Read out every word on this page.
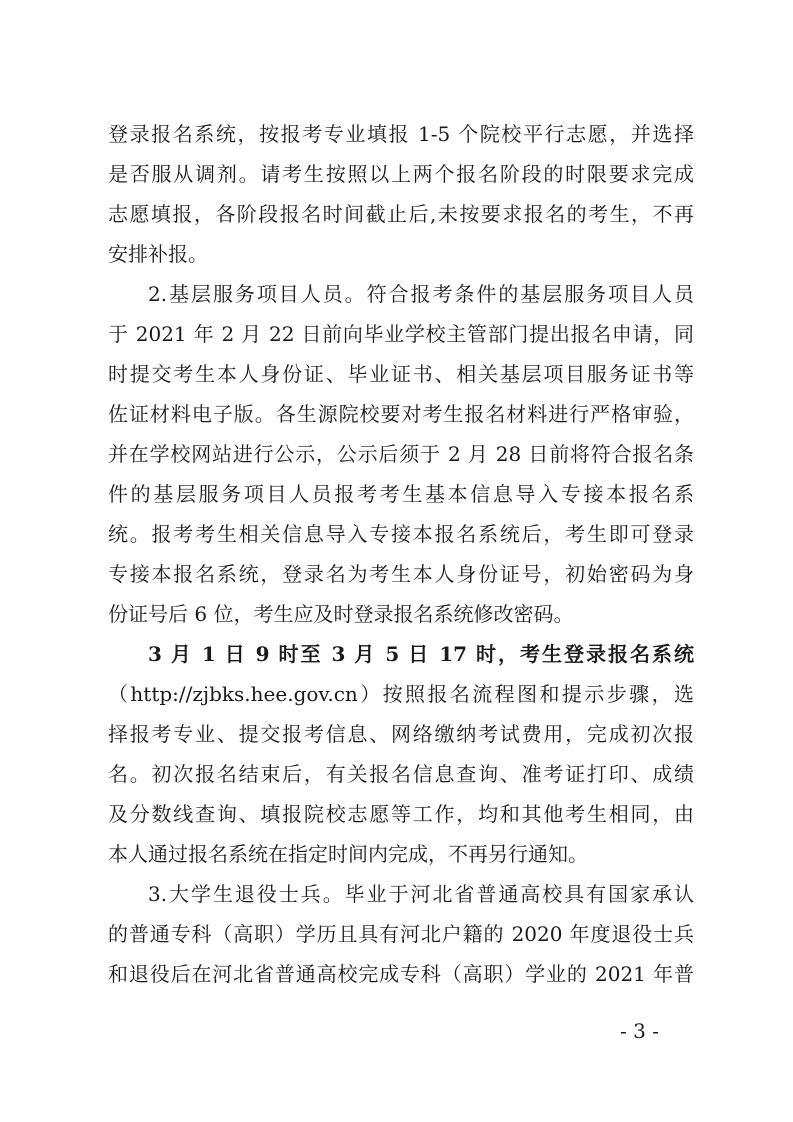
登录报名系统，按报考专业填报 1-5 个院校平行志愿，并选择
是否服从调剂。请考生按照以上两个报名阶段的时限要求完成
志愿填报，各阶段报名时间截止后,未按要求报名的考生，不再
安排补报。

2.基层服务项目人员。符合报考条件的基层服务项目人员
于 2021 年 2 月 22 日前向毕业学校主管部门提出报名申请，同
时提交考生本人身份证、毕业证书、相关基层项目服务证书等
佐证材料电子版。各生源院校要对考生报名材料进行严格审验，
并在学校网站进行公示，公示后须于 2 月 28 日前将符合报名条
件的基层服务项目人员报考考生基本信息导入专接本报名系
统。报考考生相关信息导入专接本报名系统后，考生即可登录
专接本报名系统，登录名为考生本人身份证号，初始密码为身
份证号后 6 位，考生应及时登录报名系统修改密码。

3 月 1 日 9 时至 3 月 5 日 17 时，考生登录报名系统
（http://zjbks.hee.gov.cn）按照报名流程图和提示步骤，选
择报考专业、提交报考信息、网络缴纳考试费用，完成初次报
名。初次报名结束后，有关报名信息查询、准考证打印、成绩
及分数线查询、填报院校志愿等工作，均和其他考生相同，由
本人通过报名系统在指定时间内完成，不再另行通知。

3.大学生退役士兵。毕业于河北省普通高校具有国家承认
的普通专科（高职）学历且具有河北户籍的 2020 年度退役士兵
和退役后在河北省普通高校完成专科（高职）学业的 2021 年普

- 3 -
